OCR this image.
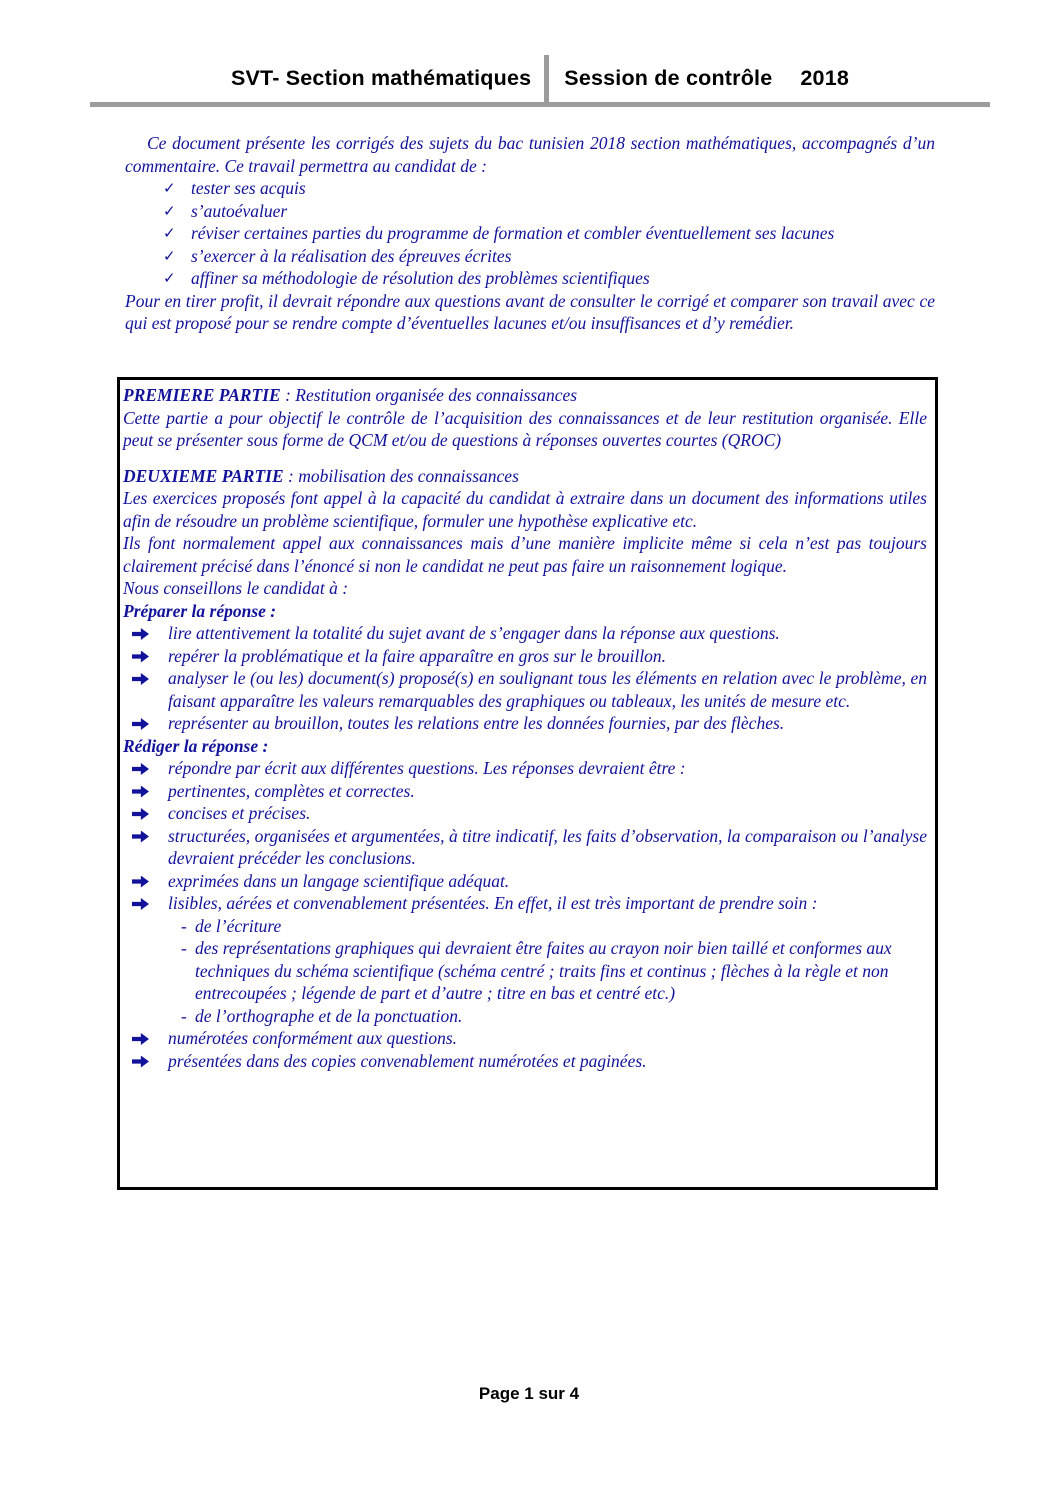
SVT- Section mathématiques	Session de contrôle 2018

Ce document présente les corrigés des sujets du bac tunisien 2018 section mathématiques, accompagnés d’un commentaire. Ce travail permettra au candidat de :

✓ tester ses acquis
✓ s’autoévaluer
✓ réviser certaines parties du programme de formation et combler éventuellement ses lacunes
✓ s’exercer à la réalisation des épreuves écrites
✓ affiner sa méthodologie de résolution des problèmes scientifiques

Pour en tirer profit, il devrait répondre aux questions avant de consulter le corrigé et comparer son travail avec ce qui est proposé pour se rendre compte d’éventuelles lacunes et/ou insuffisances et d’y remédier.

PREMIERE PARTIE : Restitution organisée des connaissances

Cette partie a pour objectif le contrôle de l’acquisition des connaissances et de leur restitution organisée. Elle peut se présenter sous forme de QCM et/ou de questions à réponses ouvertes courtes (QROC)

DEUXIEME PARTIE : mobilisation des connaissances

Les exercices proposés font appel à la capacité du candidat à extraire dans un document des informations utiles afin de résoudre un problème scientifique, formuler une hypothèse explicative etc.

Ils font normalement appel aux connaissances mais d’une manière implicite même si cela n’est pas toujours clairement précisé dans l’énoncé si non le candidat ne peut pas faire un raisonnement logique.

Nous conseillons le candidat à :

Préparer la réponse :

lire attentivement la totalité du sujet avant de s’engager dans la réponse aux questions.
repérer la problématique et la faire apparaître en gros sur le brouillon.
analyser le (ou les) document(s) proposé(s) en soulignant tous les éléments en relation avec le problème, en faisant apparaître les valeurs remarquables des graphiques ou tableaux, les unités de mesure etc.
représenter au brouillon, toutes les relations entre les données fournies, par des flèches.

Rédiger la réponse :

répondre par écrit aux différentes questions. Les réponses devraient être :
pertinentes, complètes et correctes.
concises et précises.
structurées, organisées et argumentées, à titre indicatif, les faits d’observation, la comparaison ou l’analyse devraient précéder les conclusions.
exprimées dans un langage scientifique adéquat.
lisibles, aérées et convenablement présentées. En effet, il est très important de prendre soin :
- de l’écriture
- des représentations graphiques qui devraient être faites au crayon noir bien taillé et conformes aux techniques du schéma scientifique (schéma centré ; traits fins et continus ; flèches à la règle et non entrecoupées ; légende de part et d’autre ; titre en bas et centré etc.)
- de l’orthographe et de la ponctuation.
numérotées conformément aux questions.
présentées dans des copies convenablement numérotées et paginées.
Page 1 sur 4
